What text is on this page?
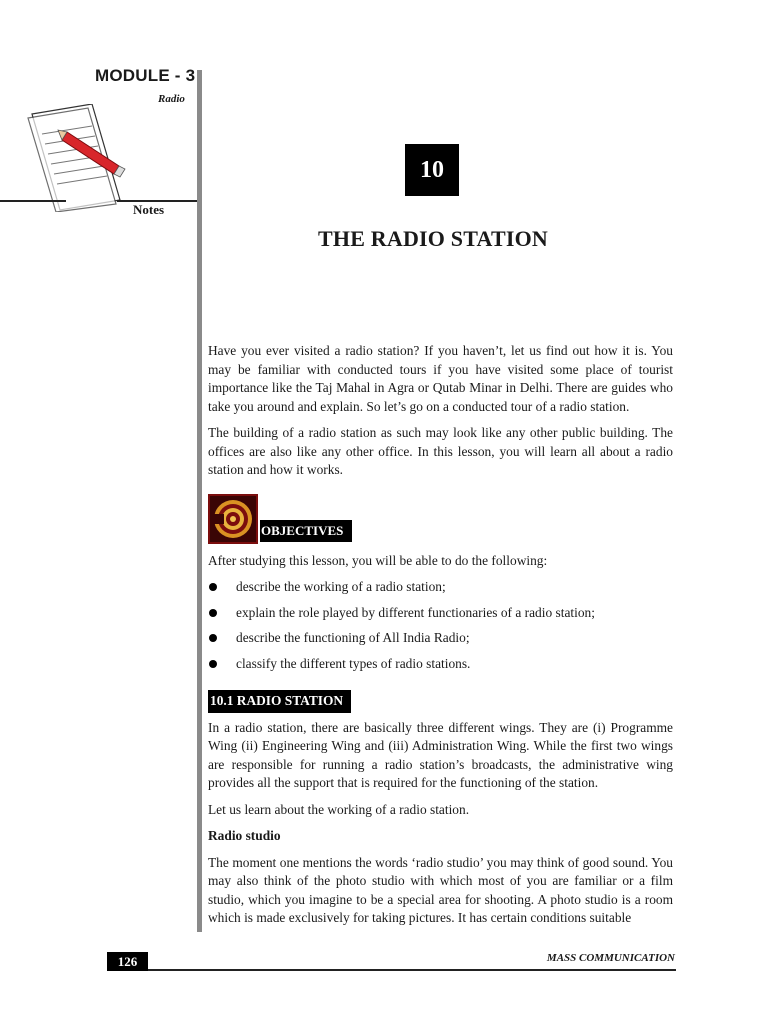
MODULE - 3
Radio
Notes
10
THE RADIO STATION

Have you ever visited a radio station? If you haven’t, let us find out how it is. You may be familiar with conducted tours if you have visited some place of tourist importance like the Taj Mahal in Agra or Qutab Minar in Delhi. There are guides who take you around and explain. So let’s go on a conducted tour of a radio station.

The building of a radio station as such may look like any other public building. The offices are also like any other office. In this lesson, you will learn all about a radio station and how it works.

OBJECTIVES

After studying this lesson, you will be able to do the following:

describe the working of a radio station;
explain the role played by different functionaries of a radio station;
describe the functioning of All India Radio;
classify the different types of radio stations.
10.1 RADIO STATION

In a radio station, there are basically three different wings. They are (i) Programme Wing (ii) Engineering Wing and (iii) Administration Wing. While the first two wings are responsible for running a radio station’s broadcasts, the administrative wing provides all the support that is required for the functioning of the station.

Let us learn about the working of a radio station.

Radio studio

The moment one mentions the words ‘radio studio’ you may think of good sound. You may also think of the photo studio with which most of you are familiar or a film studio, which you imagine to be a special area for shooting. A photo studio is a room which is made exclusively for taking pictures. It has certain conditions suitable

126	MASS COMMUNICATION
